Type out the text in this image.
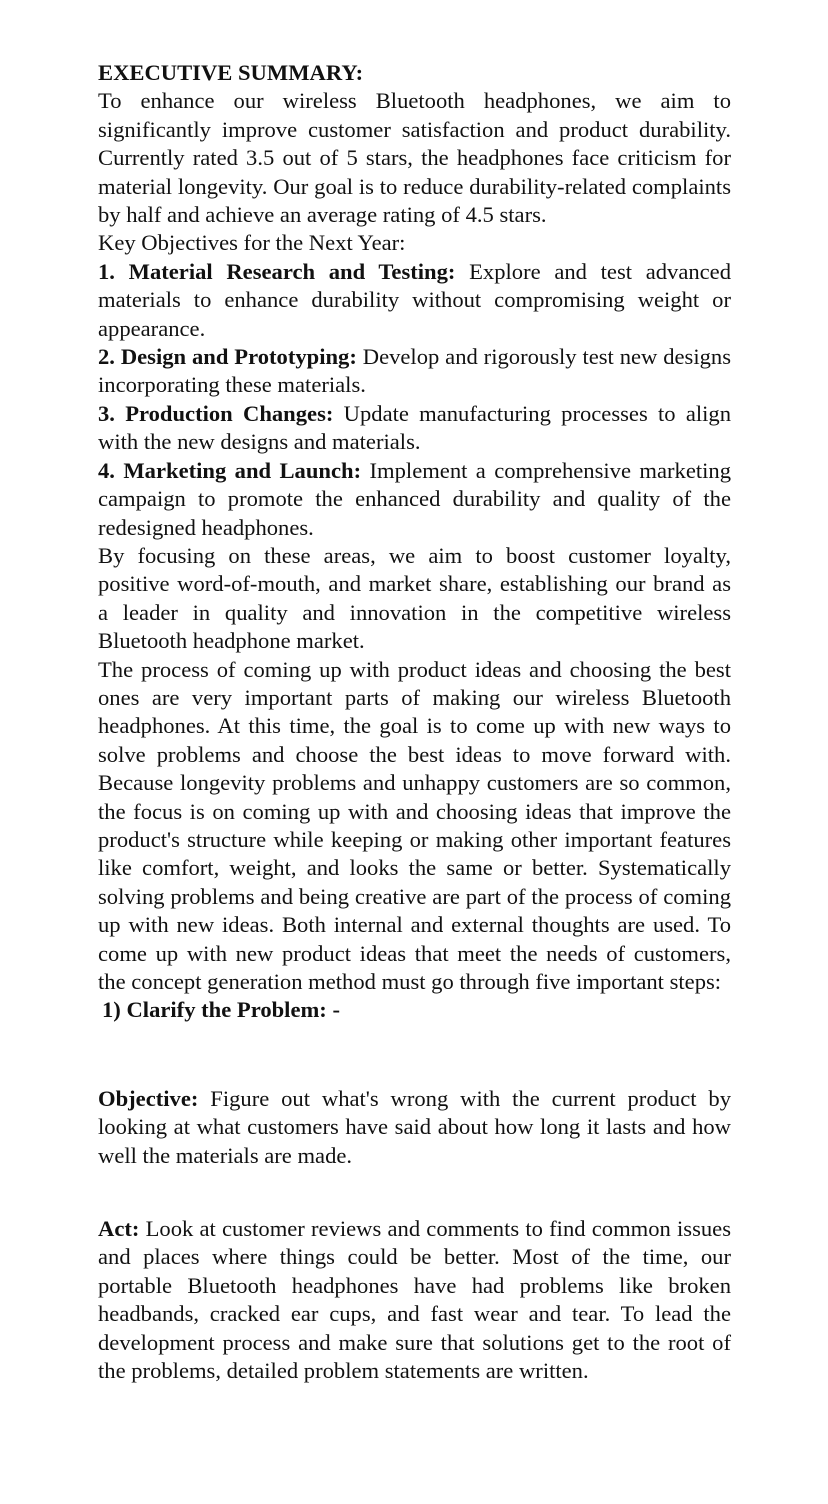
EXECUTIVE SUMMARY:

To enhance our wireless Bluetooth headphones, we aim to significantly improve customer satisfaction and product durability. Currently rated 3.5 out of 5 stars, the headphones face criticism for material longevity. Our goal is to reduce durability-related complaints by half and achieve an average rating of 4.5 stars.

Key Objectives for the Next Year:

1. Material Research and Testing: Explore and test advanced materials to enhance durability without compromising weight or appearance.

2. Design and Prototyping: Develop and rigorously test new designs incorporating these materials.

3. Production Changes: Update manufacturing processes to align with the new designs and materials.

4. Marketing and Launch: Implement a comprehensive marketing campaign to promote the enhanced durability and quality of the redesigned headphones.

By focusing on these areas, we aim to boost customer loyalty, positive word-of-mouth, and market share, establishing our brand as a leader in quality and innovation in the competitive wireless Bluetooth headphone market.

The process of coming up with product ideas and choosing the best ones are very important parts of making our wireless Bluetooth headphones. At this time, the goal is to come up with new ways to solve problems and choose the best ideas to move forward with. Because longevity problems and unhappy customers are so common, the focus is on coming up with and choosing ideas that improve the product's structure while keeping or making other important features like comfort, weight, and looks the same or better. Systematically solving problems and being creative are part of the process of coming up with new ideas. Both internal and external thoughts are used. To come up with new product ideas that meet the needs of customers, the concept generation method must go through five important steps:

1) Clarify the Problem: -

Objective: Figure out what's wrong with the current product by looking at what customers have said about how long it lasts and how well the materials are made.

Act: Look at customer reviews and comments to find common issues and places where things could be better. Most of the time, our portable Bluetooth headphones have had problems like broken headbands, cracked ear cups, and fast wear and tear. To lead the development process and make sure that solutions get to the root of the problems, detailed problem statements are written.
